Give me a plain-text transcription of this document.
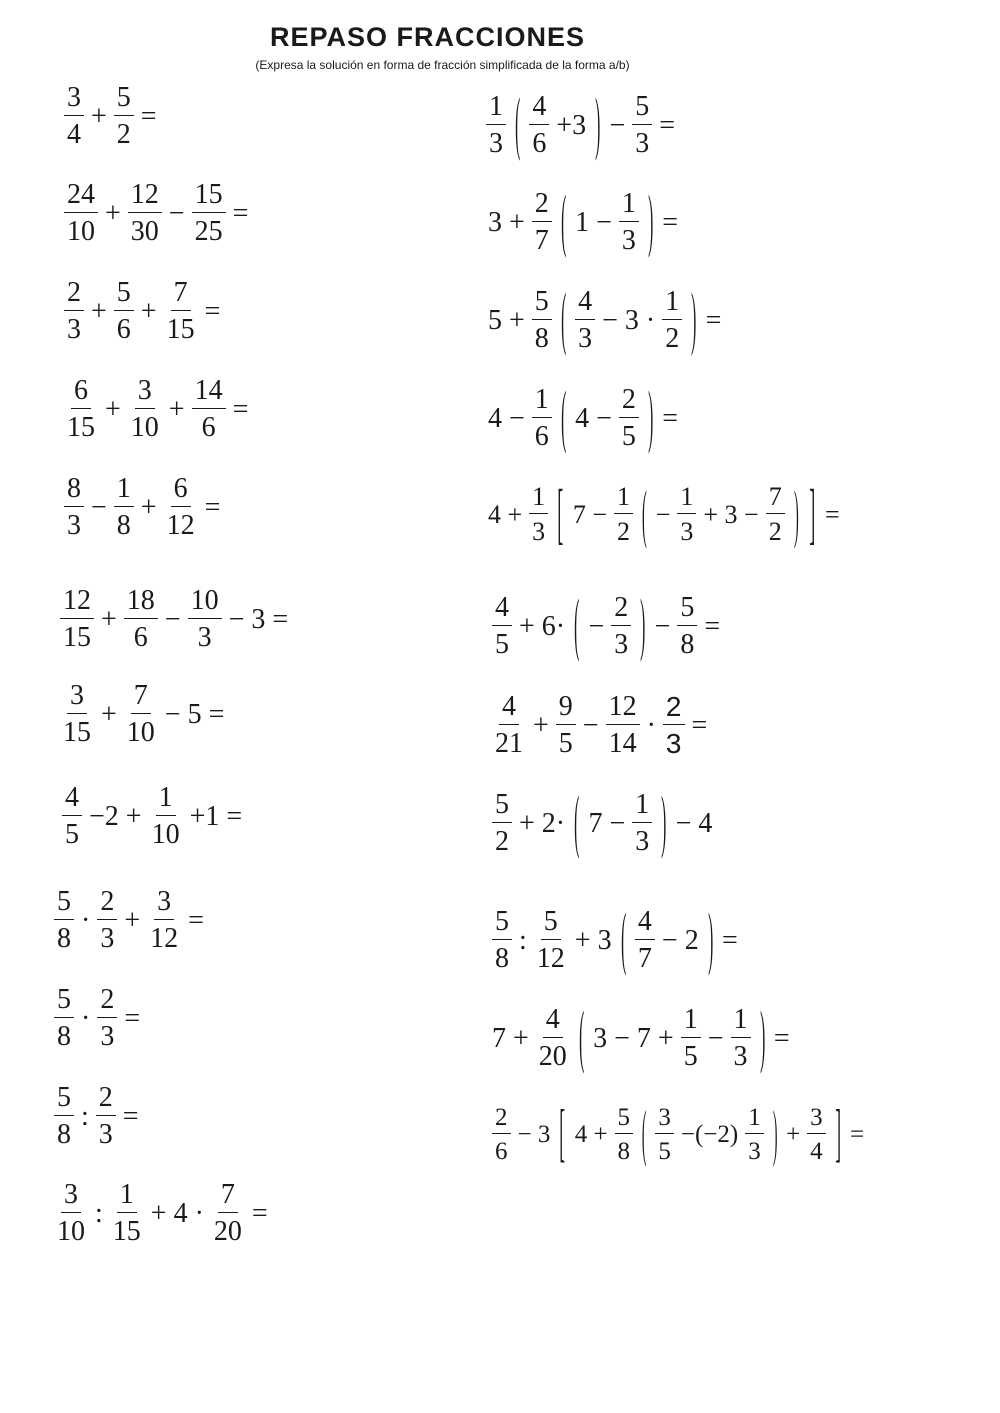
REPASO FRACCIONES
(Expresa la solución en forma de fracción simplificada de la forma a/b)
$\frac{3}{4} + \frac{5}{2}$ =
$\frac{24}{10} + \frac{12}{30} - \frac{15}{25}$ =
$\frac{2}{3} + \frac{5}{6} + \frac{7}{15}$ =
$\frac{6}{15} + \frac{3}{10} + \frac{14}{6}$ =
$\frac{8}{3} - \frac{1}{8} + \frac{6}{12}$ =
$\frac{12}{15} + \frac{18}{6} - \frac{10}{3} - 3$ =
$\frac{3}{15} + \frac{7}{10} - 5$ =
$\frac{4}{5} -2 + \frac{1}{10} +1$ =
$\frac{5}{8} \cdot \frac{2}{3} + \frac{3}{12}$ =
$\frac{5}{8} \cdot \frac{2}{3}$ =
$\frac{5}{8}$ : $\frac{2}{3}$ =
$\frac{3}{10}$ : $\frac{1}{15} + 4 \cdot \frac{7}{20}$ =
$\frac{1}{3}$ ( $\frac{4}{6} +3$ ) − $\frac{5}{3}$ =
$3 + \frac{2}{7}$ ( $1 - \frac{1}{3}$ ) =
$5 + \frac{5}{8}$ ( $\frac{4}{3} - 3 \cdot \frac{1}{2}$ ) =
$4 - \frac{1}{6}$ ( $4 - \frac{2}{5}$ ) =
$4 + \frac{1}{3}$ [ $7 - \frac{1}{2}$ ( − $\frac{1}{3} + 3 - \frac{7}{2}$ ) ] =
$\frac{4}{5} + 6\cdot$ ( − $\frac{2}{3}$ ) − $\frac{5}{8}$ =
$\frac{4}{21} + \frac{9}{5} - \frac{12}{14} \cdot \frac{2}{3}$ =
$\frac{5}{2} + 2\cdot$ ( $7 - \frac{1}{3}$ ) − 4
$\frac{5}{8}$ : $\frac{5}{12} + 3$ ( $\frac{4}{7} - 2$ ) =
$7 + \frac{4}{20}$ ( $3 - 7 + \frac{1}{5} - \frac{1}{3}$ ) =
$\frac{2}{6} - 3$ [ $4 + \frac{5}{8}$ ( $\frac{3}{5} -(-2) \frac{1}{3}$ ) + $\frac{3}{4}$ ] =
